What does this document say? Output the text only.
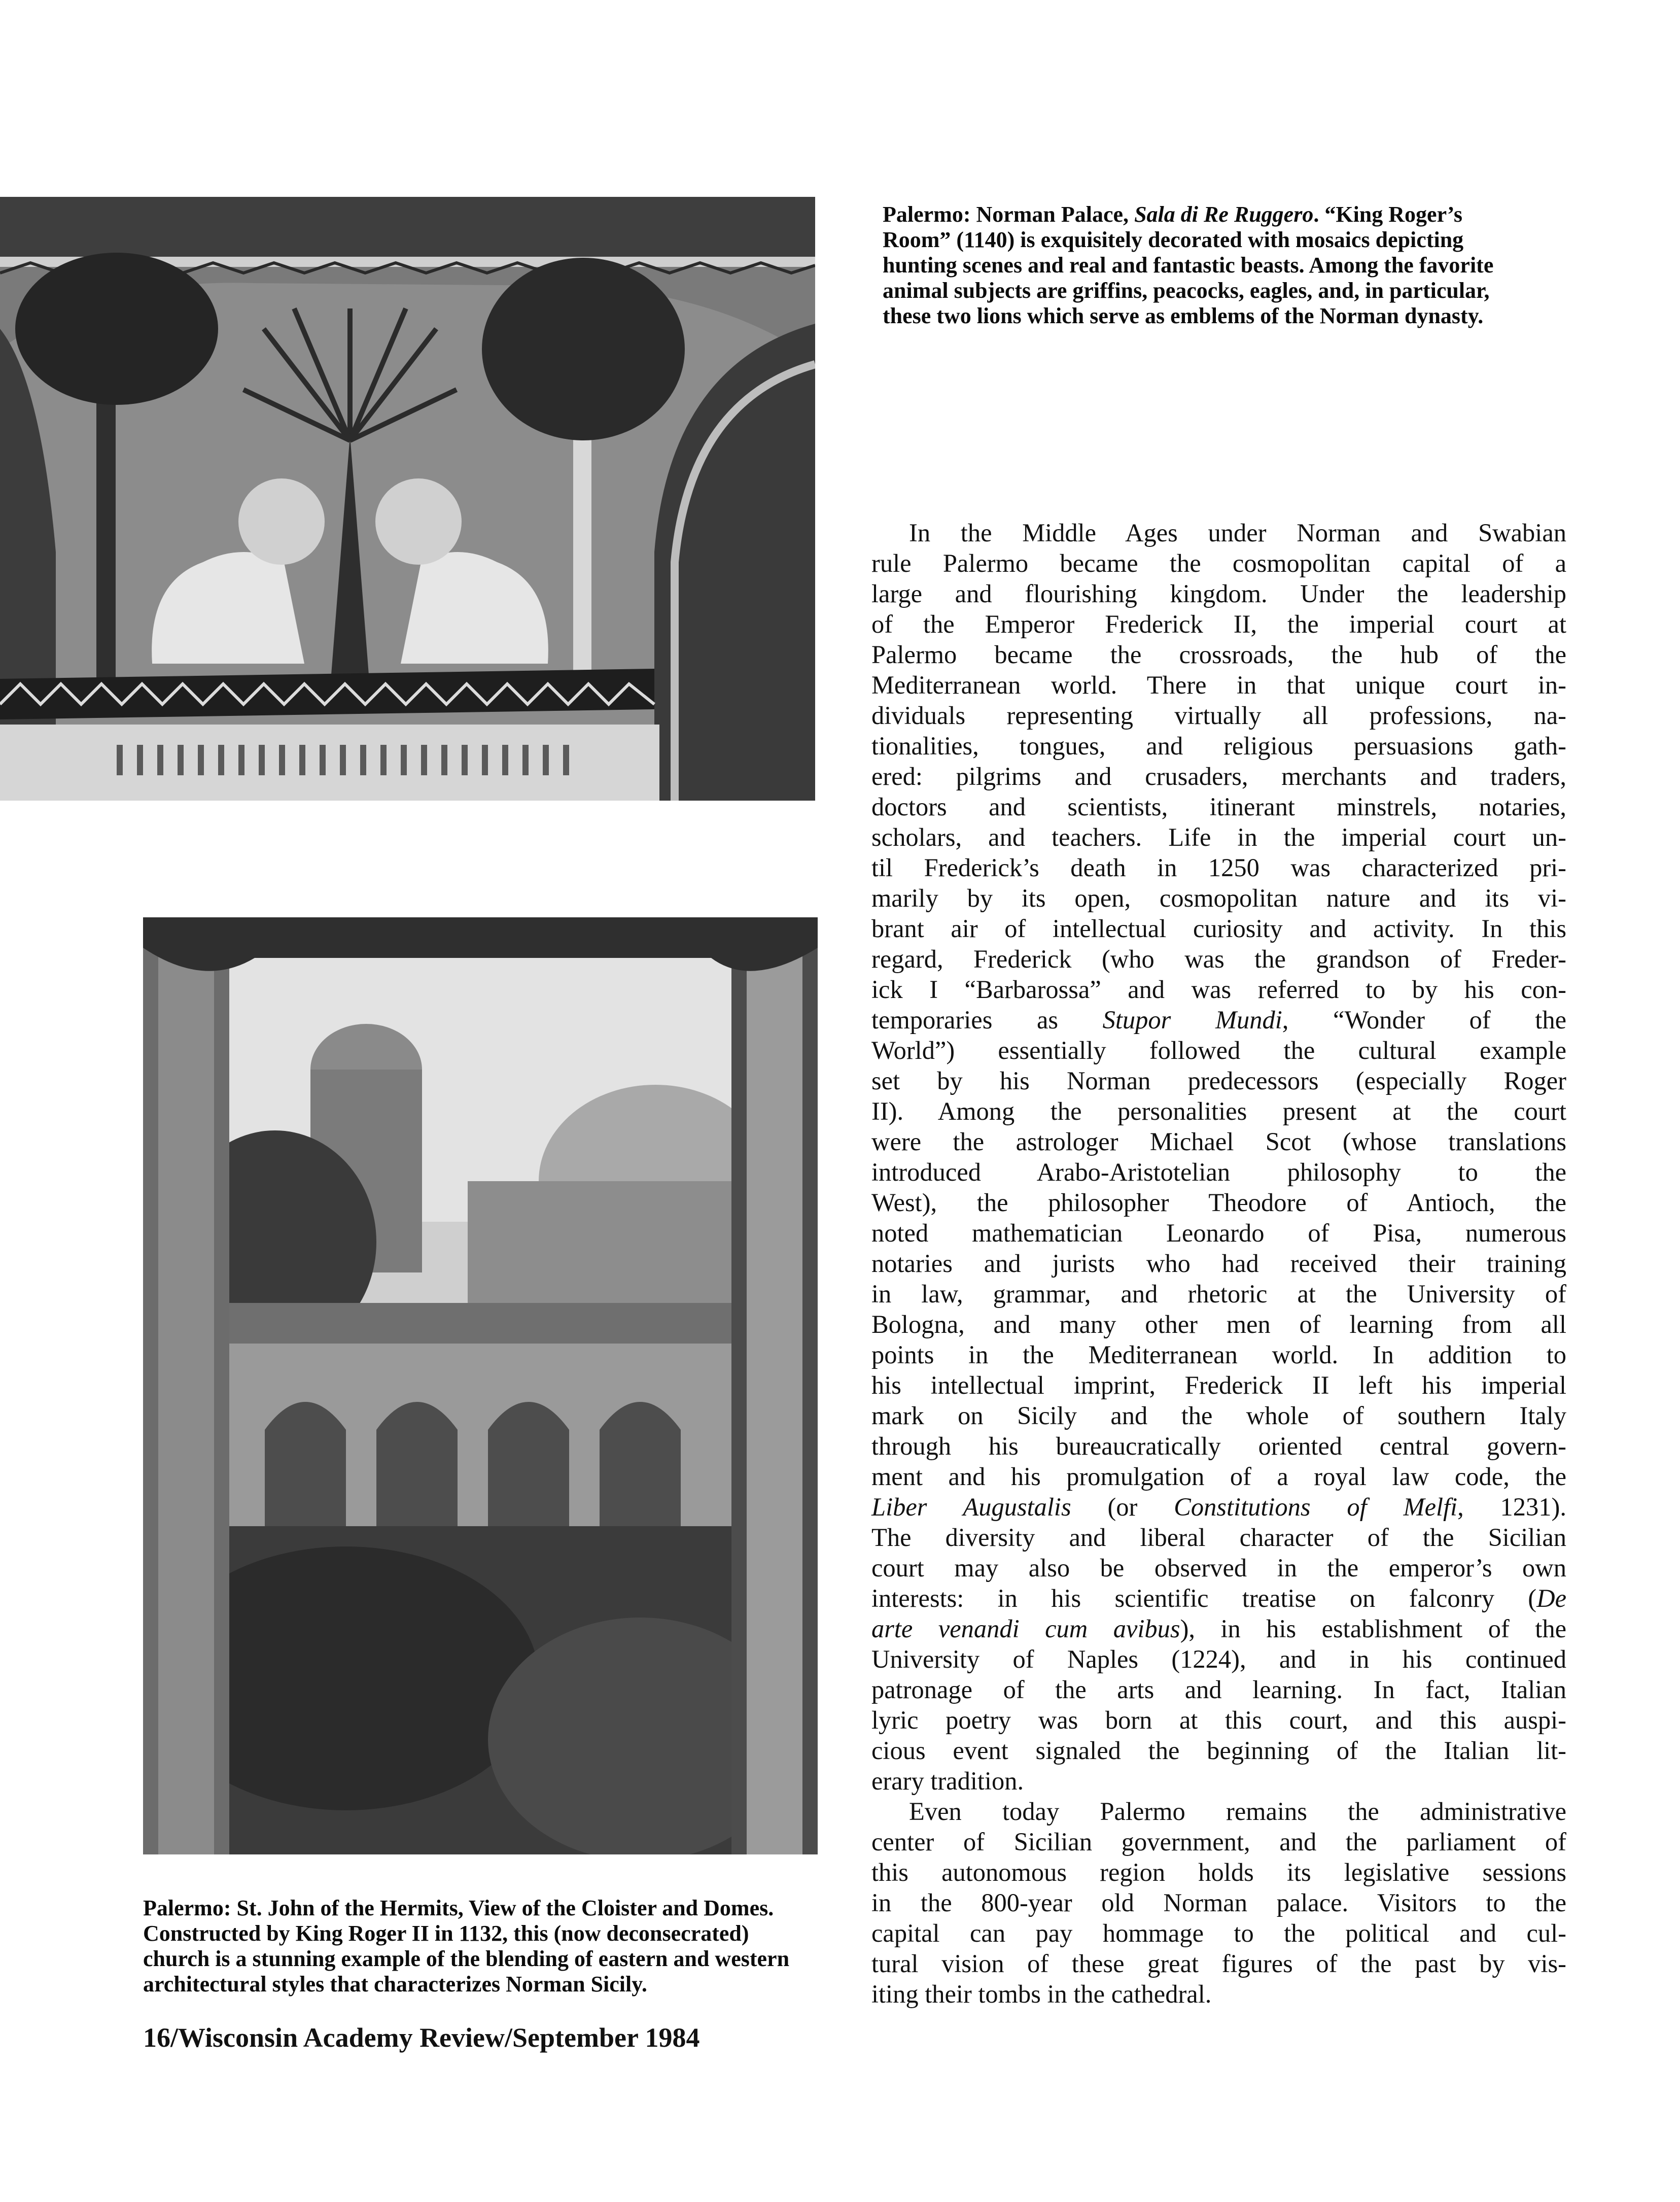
Palermo: Norman Palace, Sala di Re Ruggero. “King Roger’s Room” (1140) is exquisitely decorated with mosaics depicting hunting scenes and real and fantastic beasts. Among the favorite animal subjects are griffins, peacocks, eagles, and, in particular, these two lions which serve as emblems of the Norman dynasty.

Palermo: St. John of the Hermits, View of the Cloister and Domes. Constructed by King Roger II in 1132, this (now deconsecrated) church is a stunning example of the blending of eastern and western architectural styles that characterizes Norman Sicily.

In the Middle Ages under Norman and Swabian
rule Palermo became the cosmopolitan capital of a
large and flourishing kingdom. Under the leadership
of the Emperor Frederick II, the imperial court at
Palermo became the crossroads, the hub of the
Mediterranean world. There in that unique court in-
dividuals representing virtually all professions, na-
tionalities, tongues, and religious persuasions gath-
ered: pilgrims and crusaders, merchants and traders,
doctors and scientists, itinerant minstrels, notaries,
scholars, and teachers. Life in the imperial court un-
til Frederick’s death in 1250 was characterized pri-
marily by its open, cosmopolitan nature and its vi-
brant air of intellectual curiosity and activity. In this
regard, Frederick (who was the grandson of Freder-
ick I “Barbarossa” and was referred to by his con-
temporaries as Stupor Mundi, “Wonder of the
World”) essentially followed the cultural example
set by his Norman predecessors (especially Roger
II). Among the personalities present at the court
were the astrologer Michael Scot (whose translations
introduced Arabo-Aristotelian philosophy to the
West), the philosopher Theodore of Antioch, the
noted mathematician Leonardo of Pisa, numerous
notaries and jurists who had received their training
in law, grammar, and rhetoric at the University of
Bologna, and many other men of learning from all
points in the Mediterranean world. In addition to
his intellectual imprint, Frederick II left his imperial
mark on Sicily and the whole of southern Italy
through his bureaucratically oriented central govern-
ment and his promulgation of a royal law code, the
Liber Augustalis (or Constitutions of Melfi, 1231).
The diversity and liberal character of the Sicilian
court may also be observed in the emperor’s own
interests: in his scientific treatise on falconry (De
arte venandi cum avibus), in his establishment of the
University of Naples (1224), and in his continued
patronage of the arts and learning. In fact, Italian
lyric poetry was born at this court, and this auspi-
cious event signaled the beginning of the Italian lit-
erary tradition.
Even today Palermo remains the administrative
center of Sicilian government, and the parliament of
this autonomous region holds its legislative sessions
in the 800-year old Norman palace. Visitors to the
capital can pay hommage to the political and cul-
tural vision of these great figures of the past by vis-
iting their tombs in the cathedral.
16/Wisconsin Academy Review/September 1984
